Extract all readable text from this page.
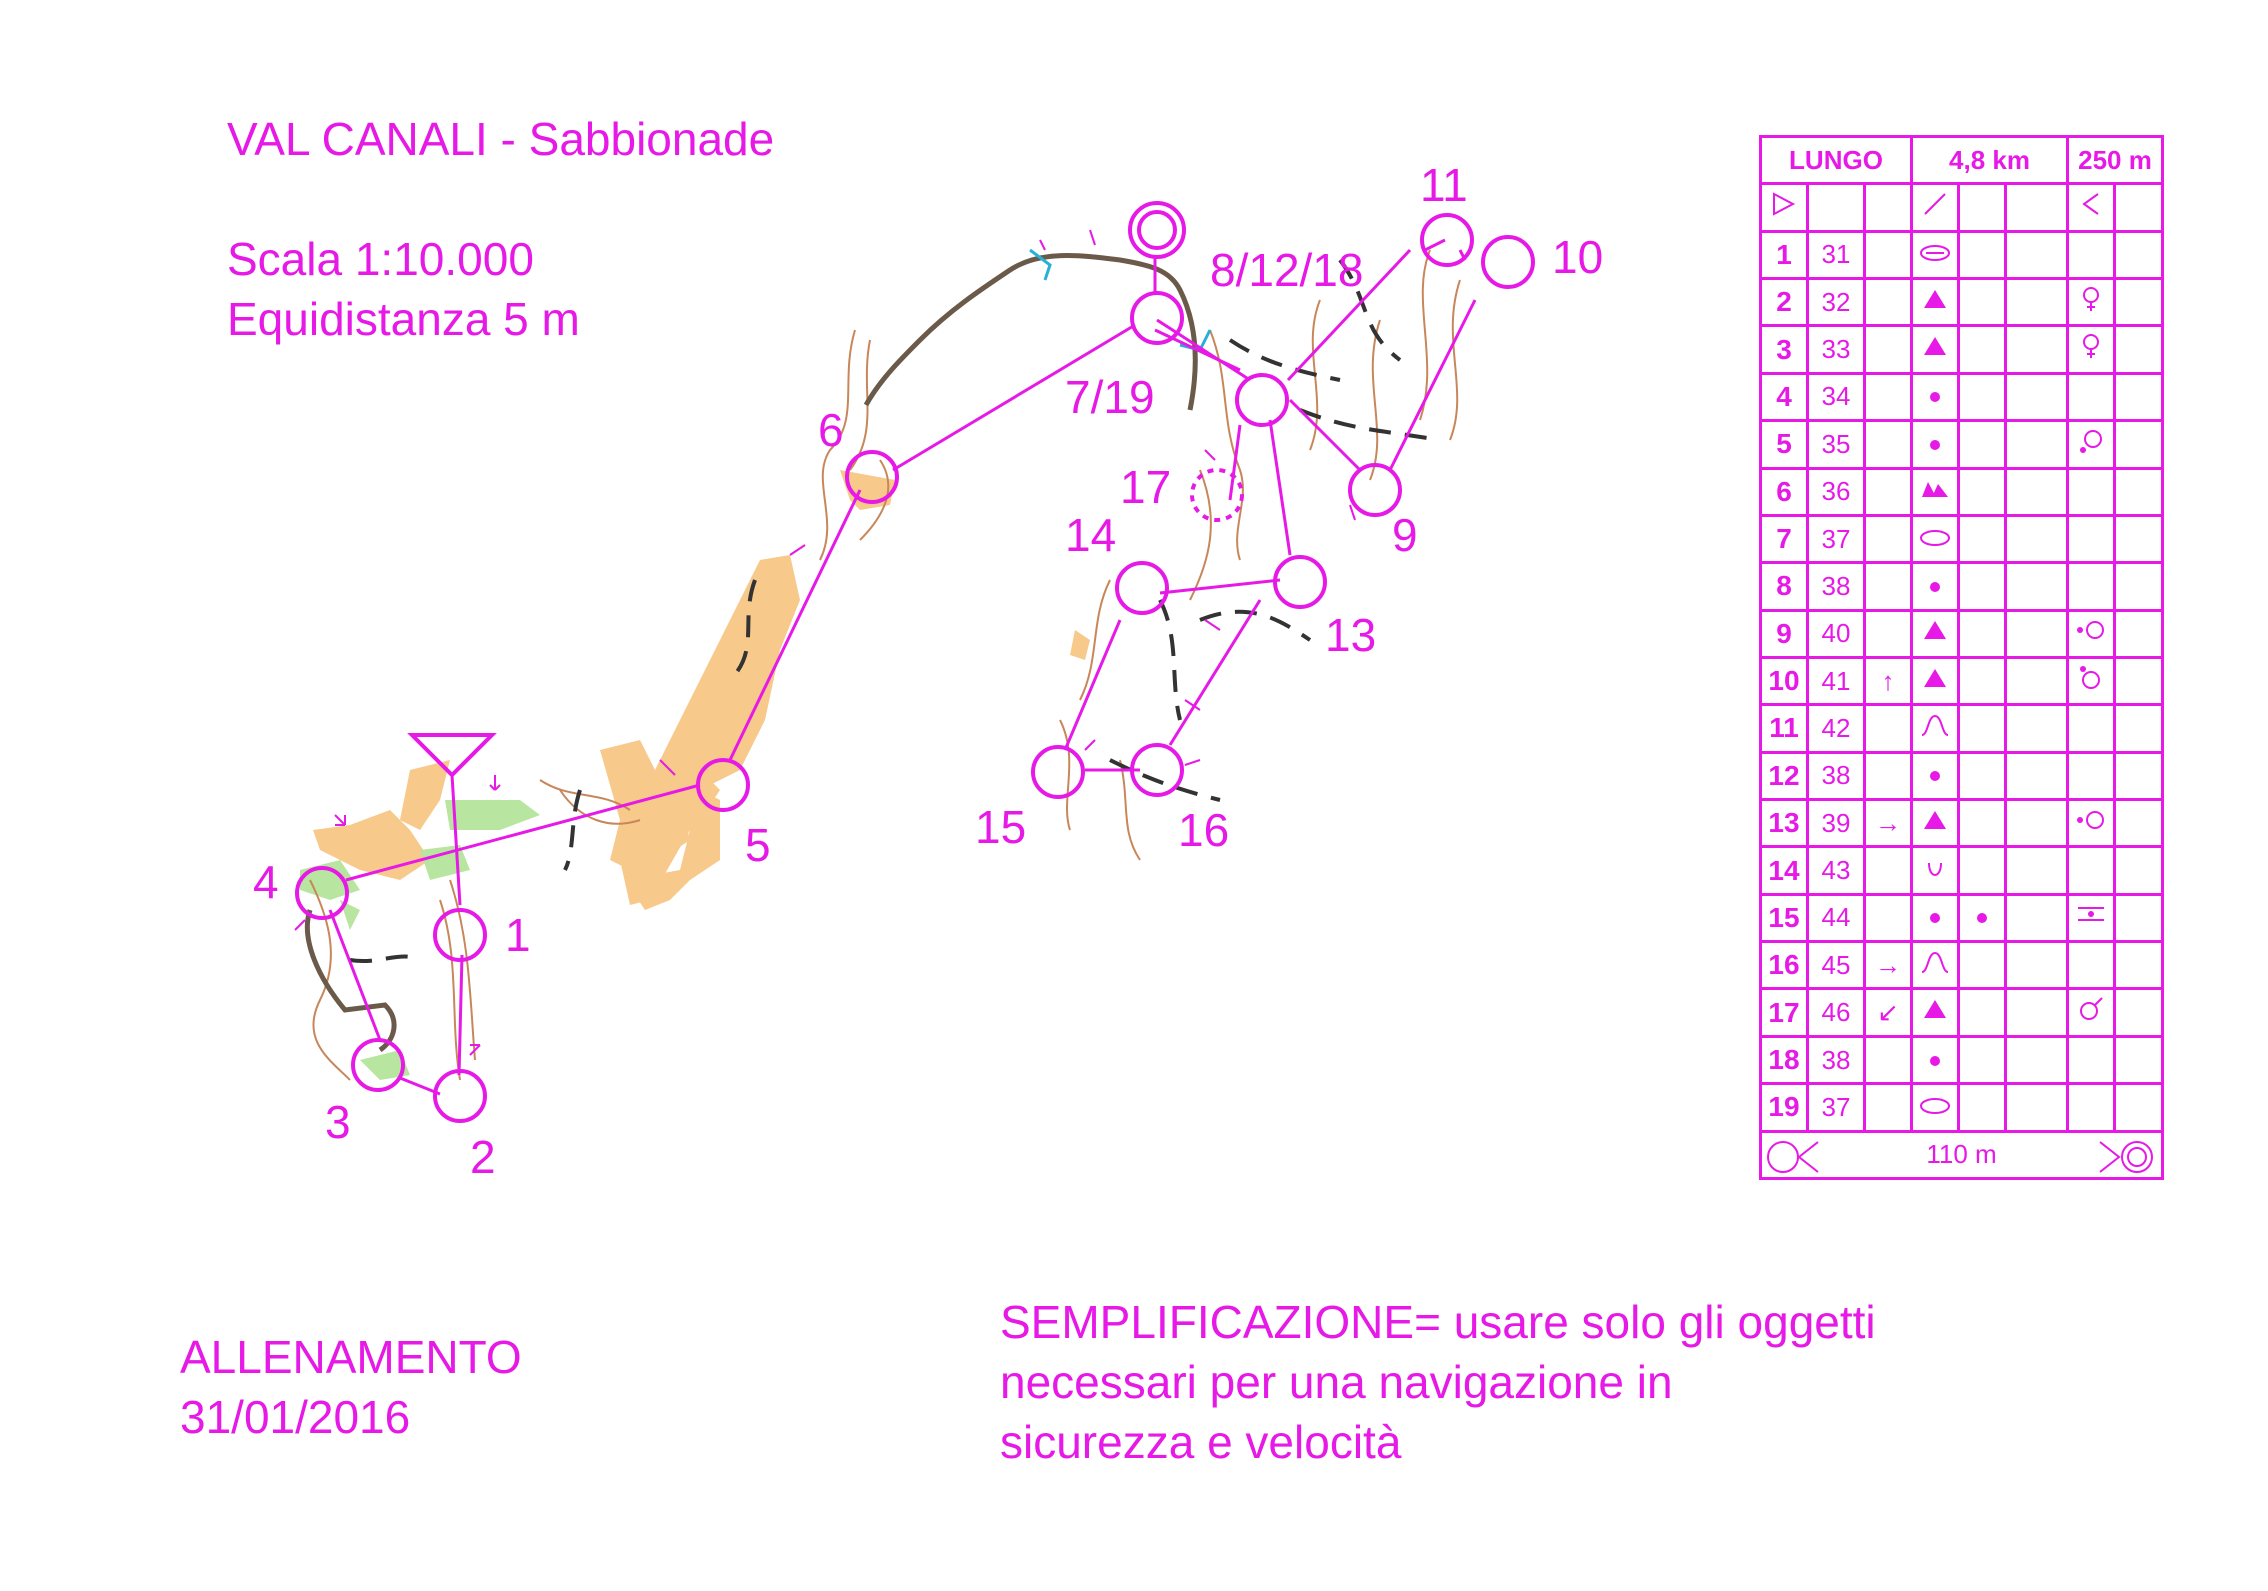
VAL CANALI - Sabbionade
Scala 1:10.000
Equidistanza 5 m
ALLENAMENTO
31/01/2016
SEMPLIFICAZIONE= usare solo gli oggetti
necessari per una navigazione in
sicurezza e velocità
1
2
3
4
5
6
7/19
8/12/18
9
10
11
13
14
15	16
17
LUNGO			4,8 km			250 m	

1	31						
2	32						
3	33						
4	34						
5	35						
6	36						
7	37						
8	38						
9	40						
10	41	↑					
11	42						
12	38						
13	39	→					
14	43						
15	44						
16	45	→					
17	46	↙					
18	38						
19	37						

110 m							
